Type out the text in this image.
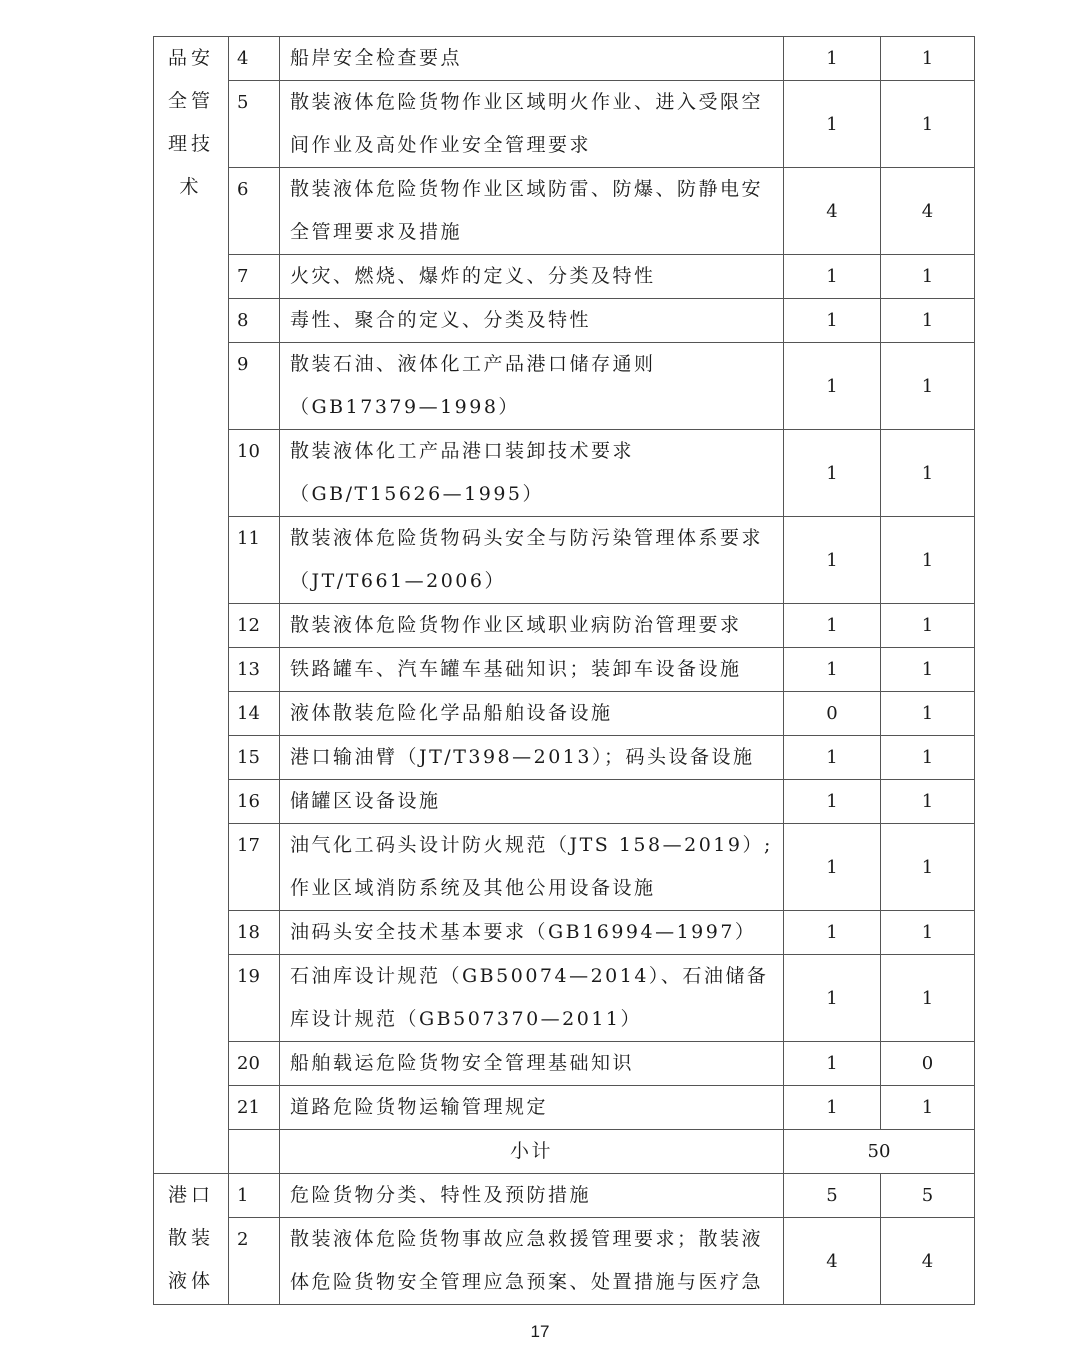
品安
全管
理技
术	4	船岸安全检查要点	1	1
	5	散装液体危险货物作业区域明火作业、进入受限空间作业及高处作业安全管理要求	1	1
	6	散装液体危险货物作业区域防雷、防爆、防静电安全管理要求及措施	4	4
	7	火灾、燃烧、爆炸的定义、分类及特性	1	1
	8	毒性、聚合的定义、分类及特性	1	1
	9	散装石油、液体化工产品港口储存通则（GB17379—1998）	1	1
	10	散装液体化工产品港口装卸技术要求（GB/T15626—1995）	1	1
	11	散装液体危险货物码头安全与防污染管理体系要求（JT/T661—2006）	1	1
	12	散装液体危险货物作业区域职业病防治管理要求	1	1
	13	铁路罐车、汽车罐车基础知识；装卸车设备设施	1	1
	14	液体散装危险化学品船舶设备设施	0	1
	15	港口输油臂（JT/T398—2013）；码头设备设施	1	1
	16	储罐区设备设施	1	1
	17	油气化工码头设计防火规范（JTS 158—2019）;作业区域消防系统及其他公用设备设施	1	1
	18	油码头安全技术基本要求（GB16994—1997）	1	1
	19	石油库设计规范（GB50074—2014）、石油储备库设计规范（GB507370—2011）	1	1
	20	船舶载运危险货物安全管理基础知识	1	0
	21	道路危险货物运输管理规定	1	1
		小计	50	

港口
散装
液体	1	危险货物分类、特性及预防措施	5	5
	2	散装液体危险货物事故应急救援管理要求；散装液体危险货物安全管理应急预案、处置措施与医疗急	4	4
17
